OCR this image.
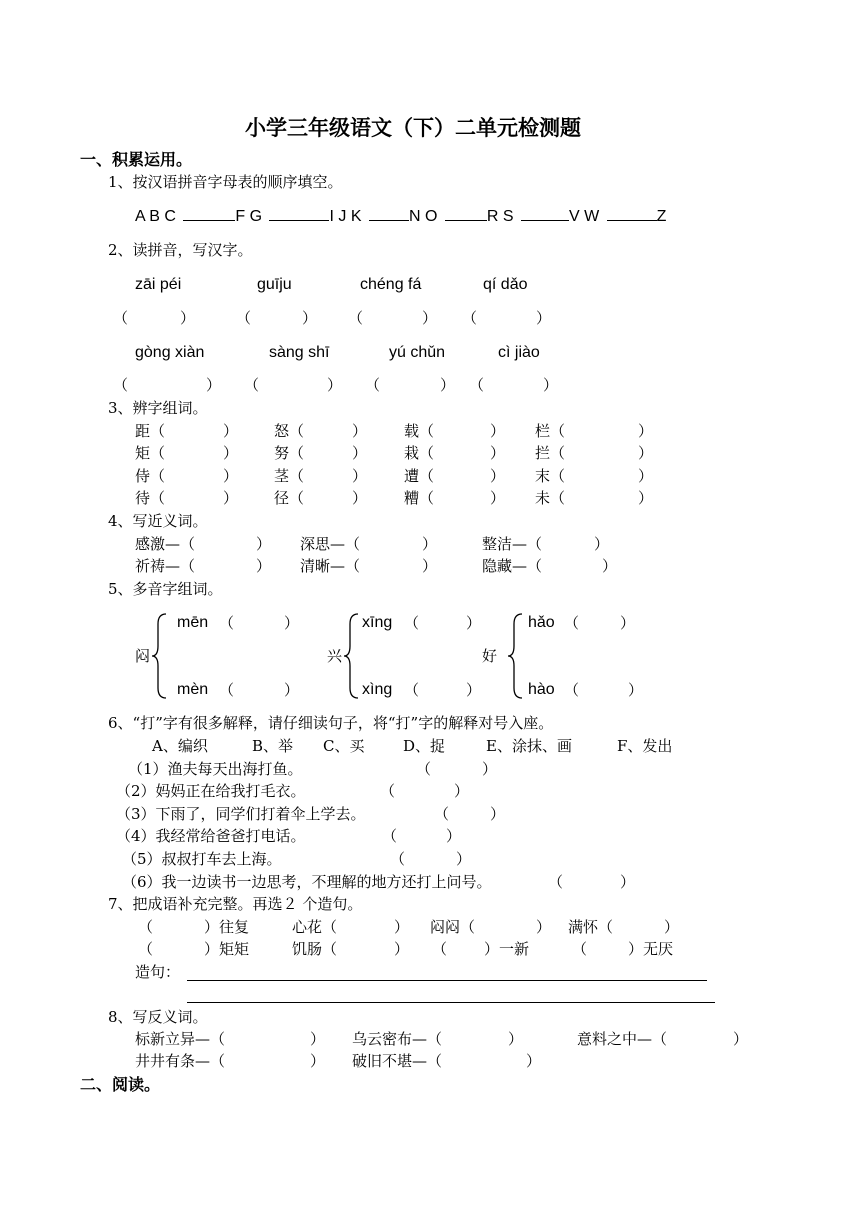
小学三年级语文（下）二单元检测题
一、积累运用。
1、按汉语拼音字母表的顺序填空。
A B C	F G	I J K	N O	R S	V W	Z
2、读拼音，写汉字。
zāi péi	guīju	chéng fá	qí dǎo
（	）	（	） （	） （	）
gòng xiàn	sàng shī	yú chǔn	cì jiào
（	） （	） （	） （	）
3、辨字组词。
距（	） 怒（	） 载（	） 栏（	）
矩（	） 努（	） 栽（	） 拦（	）
侍（	） 茎（	） 遭（	） 末（	）
待（	） 径（	） 糟（	） 未（	）
4、写近义词。
感激—（	） 深思—（	）	整洁—（	）
祈祷—（	） 清晰—（	）	隐藏—（	）
5、多音字组词。
闷
mēn （	）
mèn （	）
兴
xīng （	）
xìng （	）
好
hǎo （	）
hào （	）
6、“打”字有很多解释，请仔细读句子，将“打”字的解释对号入座。
A、编织	B、举 C、买	D、捉	E、涂抹、画	F、发出
（1）渔夫每天出海打鱼。	（	）
（2）妈妈正在给我打毛衣。	（	）
（3）下雨了，同学们打着伞上学去。	（	）
（4）我经常给爸爸打电话。	（	）
（5）叔叔打车去上海。	（	）
（6）我一边读书一边思考，不理解的地方还打上问号。	（	）
7、把成语补充完整。再选２ 个造句。
（	）往复	心花（	） 闷闷（	） 满怀（	）
（	）矩矩	饥肠（	） （ ）一新	（	）无厌
造句：
8、写反义词。
标新立异—（	） 乌云密布—（	）	意料之中—（	）
井井有条—（	） 破旧不堪—（	）
二、阅读。
